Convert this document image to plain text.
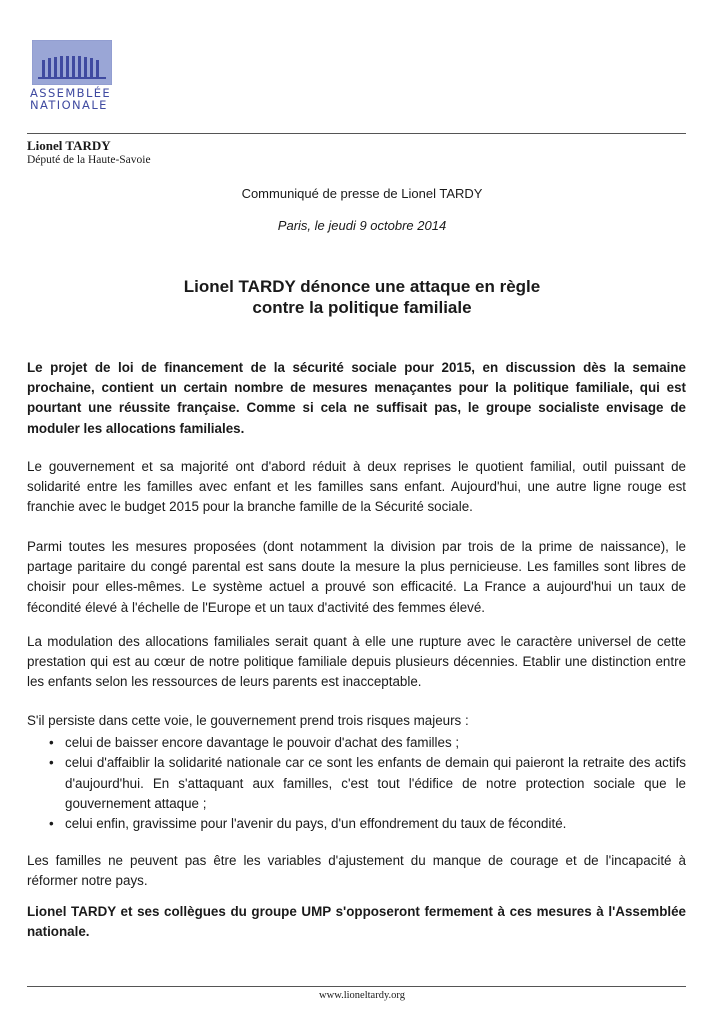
ASSEMBLÉE
NATIONALE
Lionel TARDY
Député de la Haute-Savoie
Communiqué de presse de Lionel TARDY
Paris, le jeudi 9 octobre 2014
Lionel TARDY dénonce une attaque en règle
contre la politique familiale

Le projet de loi de financement de la sécurité sociale pour 2015, en discussion dès la semaine prochaine, contient un certain nombre de mesures menaçantes pour la politique familiale, qui est pourtant une réussite française. Comme si cela ne suffisait pas, le groupe socialiste envisage de moduler les allocations familiales.

Le gouvernement et sa majorité ont d'abord réduit à deux reprises le quotient familial, outil puissant de solidarité entre les familles avec enfant et les familles sans enfant. Aujourd'hui, une autre ligne rouge est franchie avec le budget 2015 pour la branche famille de la Sécurité sociale.

Parmi toutes les mesures proposées (dont notamment la division par trois de la prime de naissance), le partage paritaire du congé parental est sans doute la mesure la plus pernicieuse. Les familles sont libres de choisir pour elles-mêmes. Le système actuel a prouvé son efficacité. La France a aujourd'hui un taux de fécondité élevé à l'échelle de l'Europe et un taux d'activité des femmes élevé.

La modulation des allocations familiales serait quant à elle une rupture avec le caractère universel de cette prestation qui est au cœur de notre politique familiale depuis plusieurs décennies. Etablir une distinction entre les enfants selon les ressources de leurs parents est inacceptable.

S'il persiste dans cette voie, le gouvernement prend trois risques majeurs :

• celui de baisser encore davantage le pouvoir d'achat des familles ;
• celui d'affaiblir la solidarité nationale car ce sont les enfants de demain qui paieront la retraite des actifs d'aujourd'hui. En s'attaquant aux familles, c'est tout l'édifice de notre protection sociale que le gouvernement attaque ;
• celui enfin, gravissime pour l'avenir du pays, d'un effondrement du taux de fécondité.

Les familles ne peuvent pas être les variables d'ajustement du manque de courage et de l'incapacité à réformer notre pays.

Lionel TARDY et ses collègues du groupe UMP s'opposeront fermement à ces mesures à l'Assemblée nationale.

www.lioneltardy.org
